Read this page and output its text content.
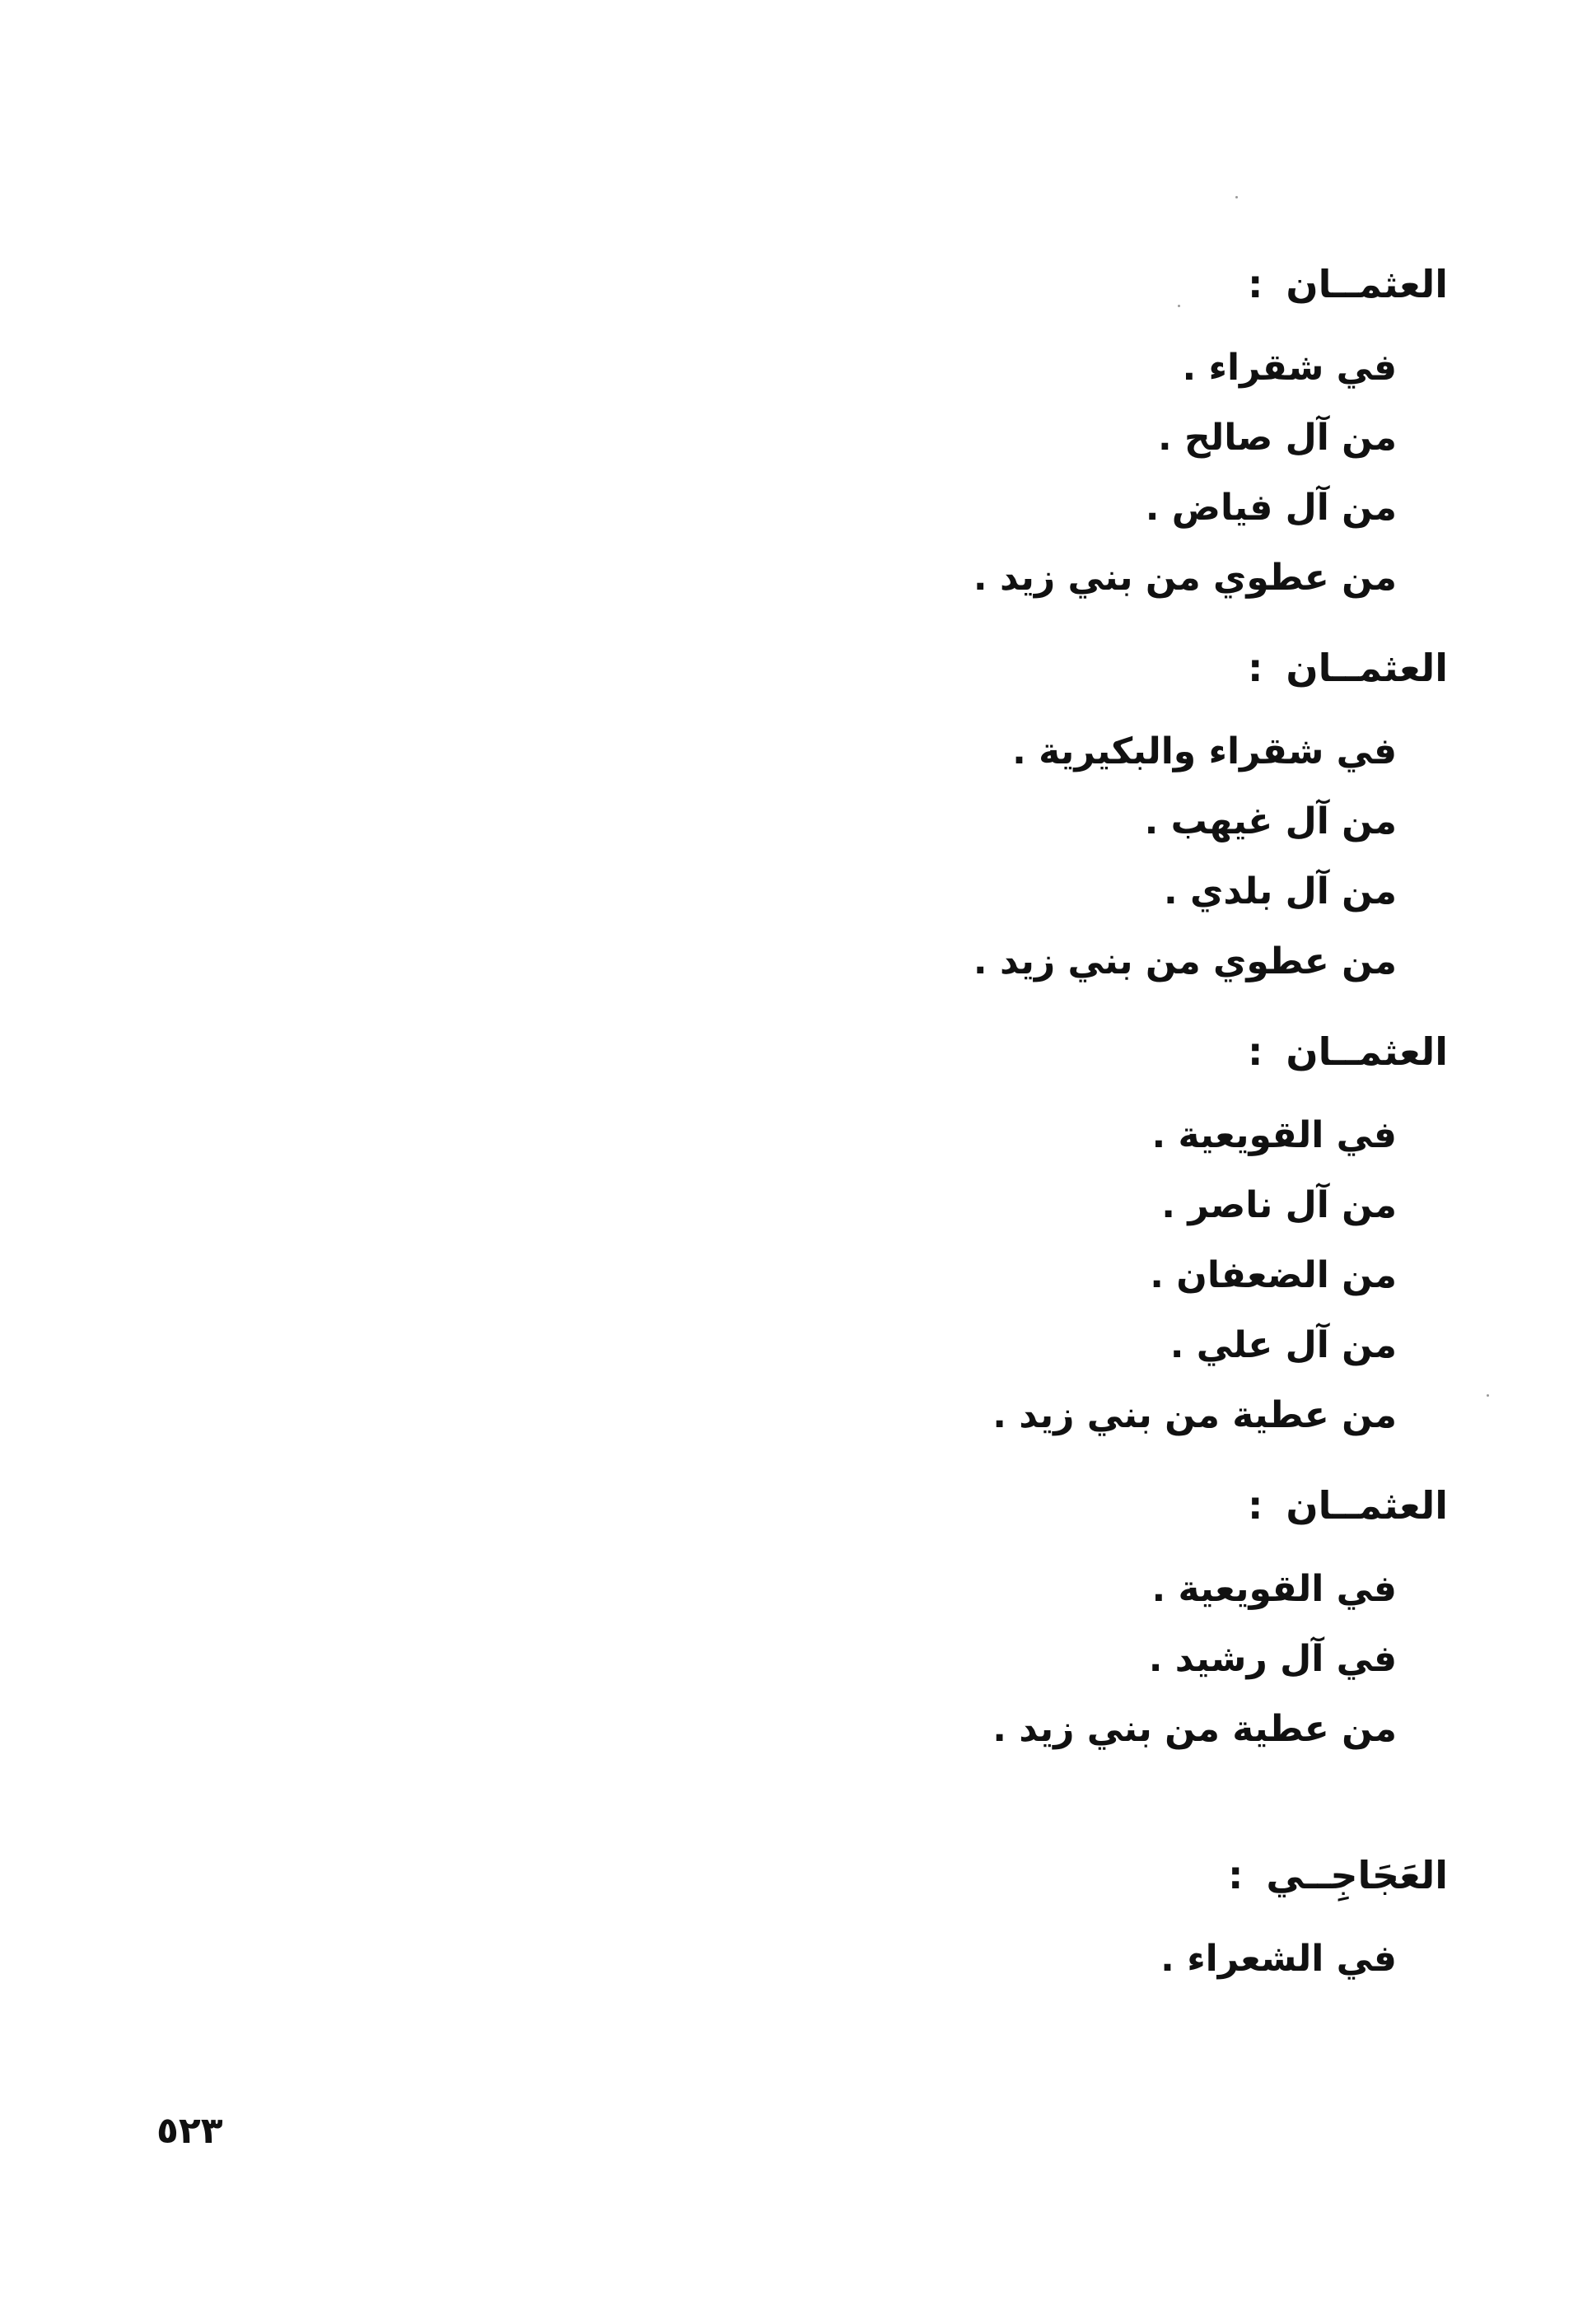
العثمــان:
في شقراء .
من آل صالح .
من آل فياض .
من عطوي من بني زيد .
العثمــان:
في شقراء والبكيرية .
من آل غيهب .
من آل بلدي .
من عطوي من بني زيد .
العثمــان:
في القويعية .
من آل ناصر .
من الضعفان .
من آل علي .
من عطية من بني زيد .
العثمــان:
في القويعية .
في آل رشيد .
من عطية من بني زيد .
العَجَاجِــي:
في الشعراء .
٥٢٣
